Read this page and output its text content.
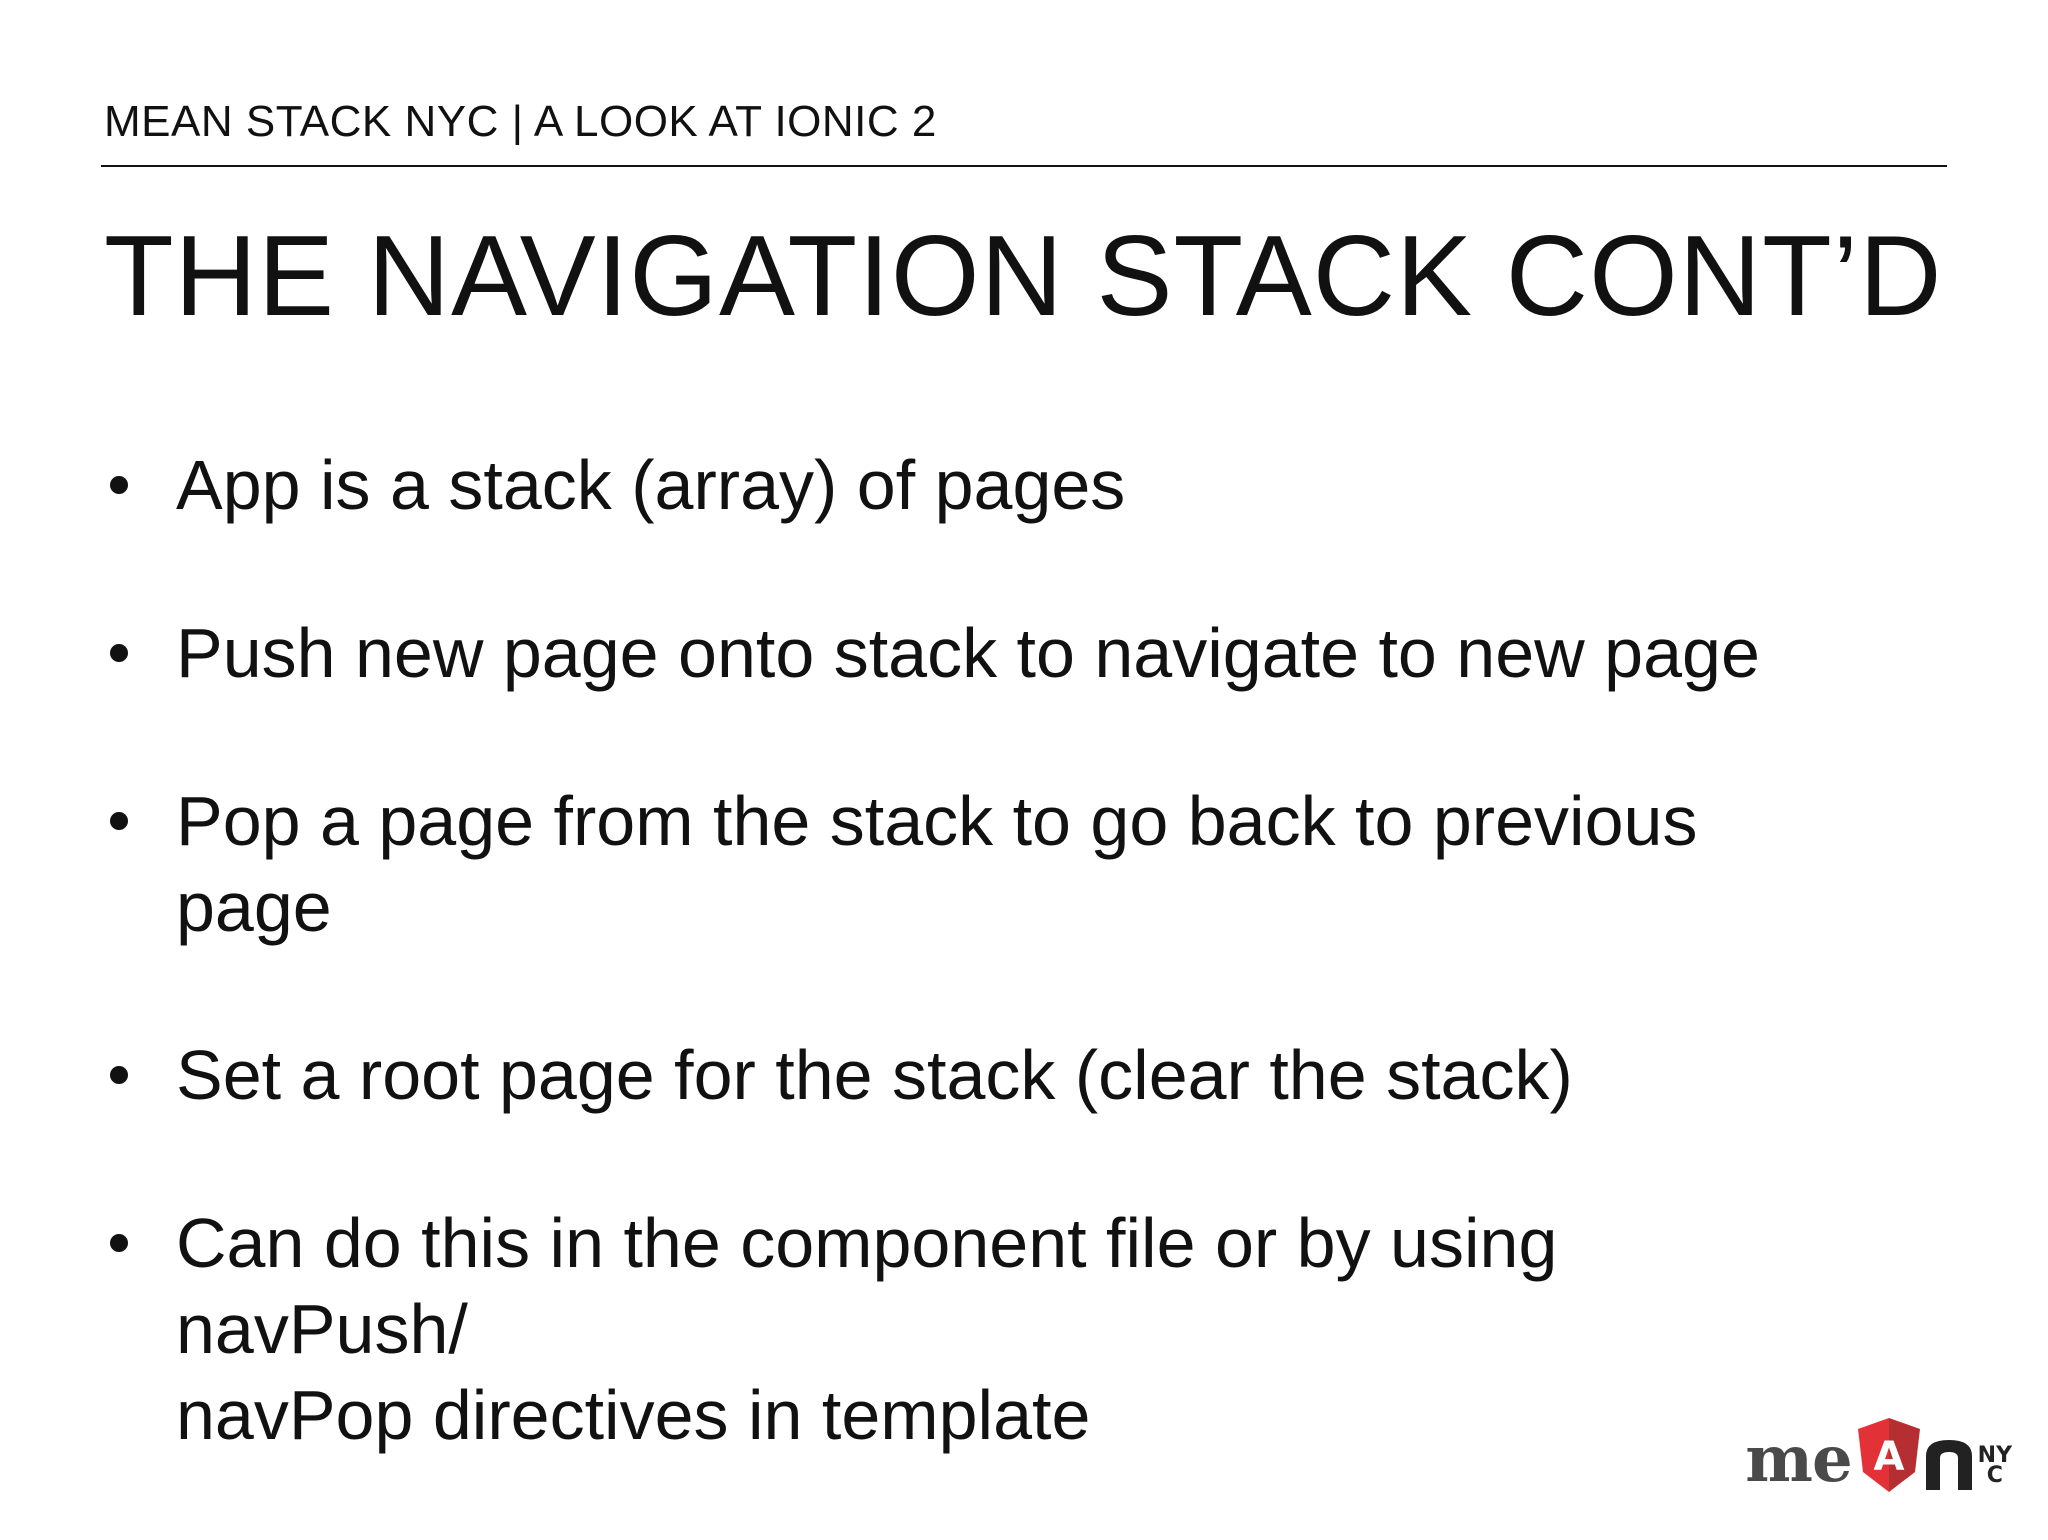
MEAN STACK NYC | A LOOK AT IONIC 2
THE NAVIGATION STACK CONT’D
App is a stack (array) of pages
Push new page onto stack to navigate to new page
Pop a page from the stack to go back to previous page
Set a root page for the stack (clear the stack)
Can do this in the component file or by using navPush/
navPop directives in template
me A	NY
C
